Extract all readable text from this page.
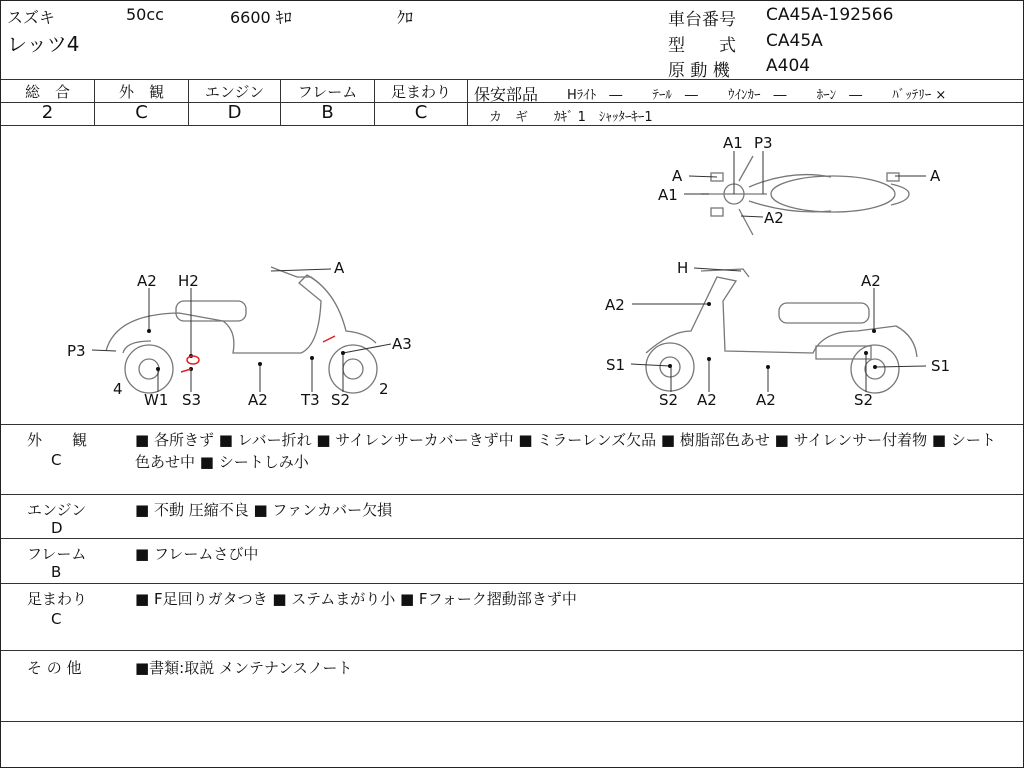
スズキ	50cc	6600 ｷﾛ	ｸﾛ
レッツ4
車台番号 CA45A-192566
型　　式 CA45A
原 動 機 A404
総　合
2
外　観
C
エンジン
D
フレーム
B
足まわり
C
保安部品 Hﾗｲﾄ　―　　 ﾃｰﾙ　―　　 ｳｲﾝｶｰ　―　　 ﾎｰﾝ　―　　 ﾊﾞｯﾃﾘｰ ×
カ　ギ　　ｶｷﾞ 1　ｼｬｯﾀｰｷｰ1
A1 P3
A	A
A1
A2
A
A2 H2
P3	A3
4	2
W1 S3	A2 T3 S2
H
A2
A2
S1	S1
S2 A2	A2	S2
外　　観
C
■ 各所きず ■ レバー折れ ■ サイレンサーカバーきず中 ■ ミラーレンズ欠品 ■ 樹脂部色あせ ■ サイレンサー付着物 ■ シート色あせ中 ■ シートしみ小
エンジン
D
■ 不動 圧縮不良 ■ ファンカバー欠損
フレーム
B
■ フレームさび中
足まわり
C
■ F足回りガタつき ■ ステムまがり小 ■ Fフォーク摺動部きず中
そ の 他	■書類:取説 メンテナンスノート
